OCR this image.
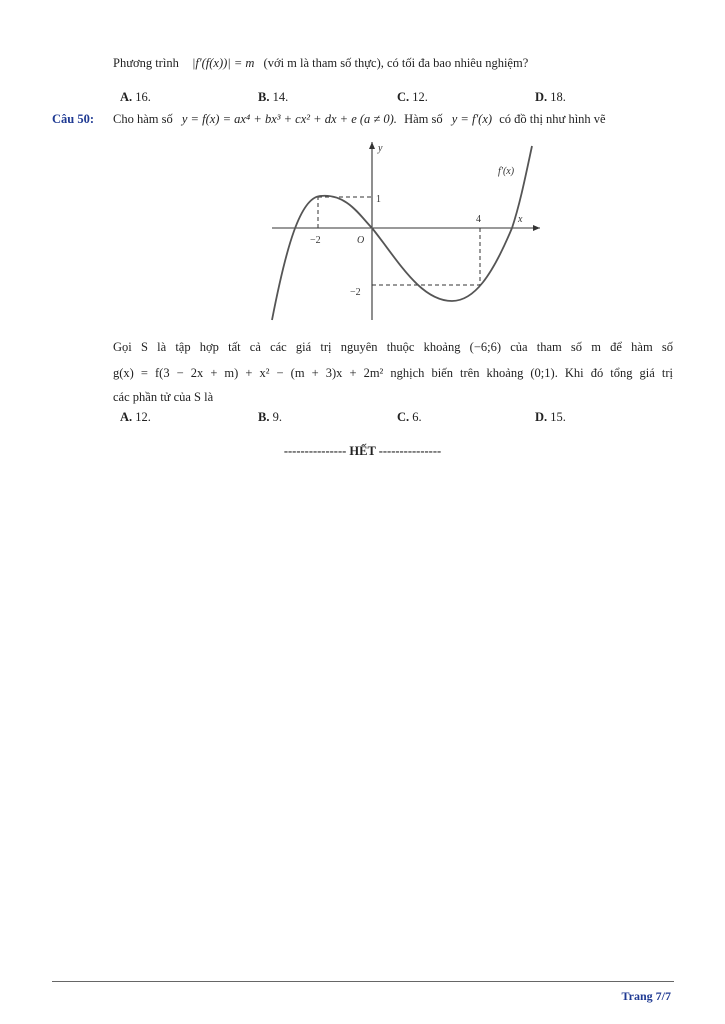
Phương trình |f′(f(x))| = m (với m là tham số thực), có tối đa bao nhiêu nghiệm?
A. 16.	B. 14.	C. 12.	D. 18.
Câu 50: Cho hàm số y = f(x) = ax⁴ + bx³ + cx² + dx + e (a ≠ 0). Hàm số y = f′(x) có đồ thị như hình vẽ
f′(x)
x
y
O
−2
4
1
−2
Gọi S là tập hợp tất cả các giá trị nguyên thuộc khoảng (−6;6) của tham số m để hàm số
g(x) = f(3 − 2x + m) + x² − (m + 3)x + 2m² nghịch biến trên khoảng (0;1). Khi đó tổng giá trị
các phần tử của S là
A. 12.	B. 9.	C. 6.	D. 15.
--------------- HẾT ---------------
Trang 7/7
